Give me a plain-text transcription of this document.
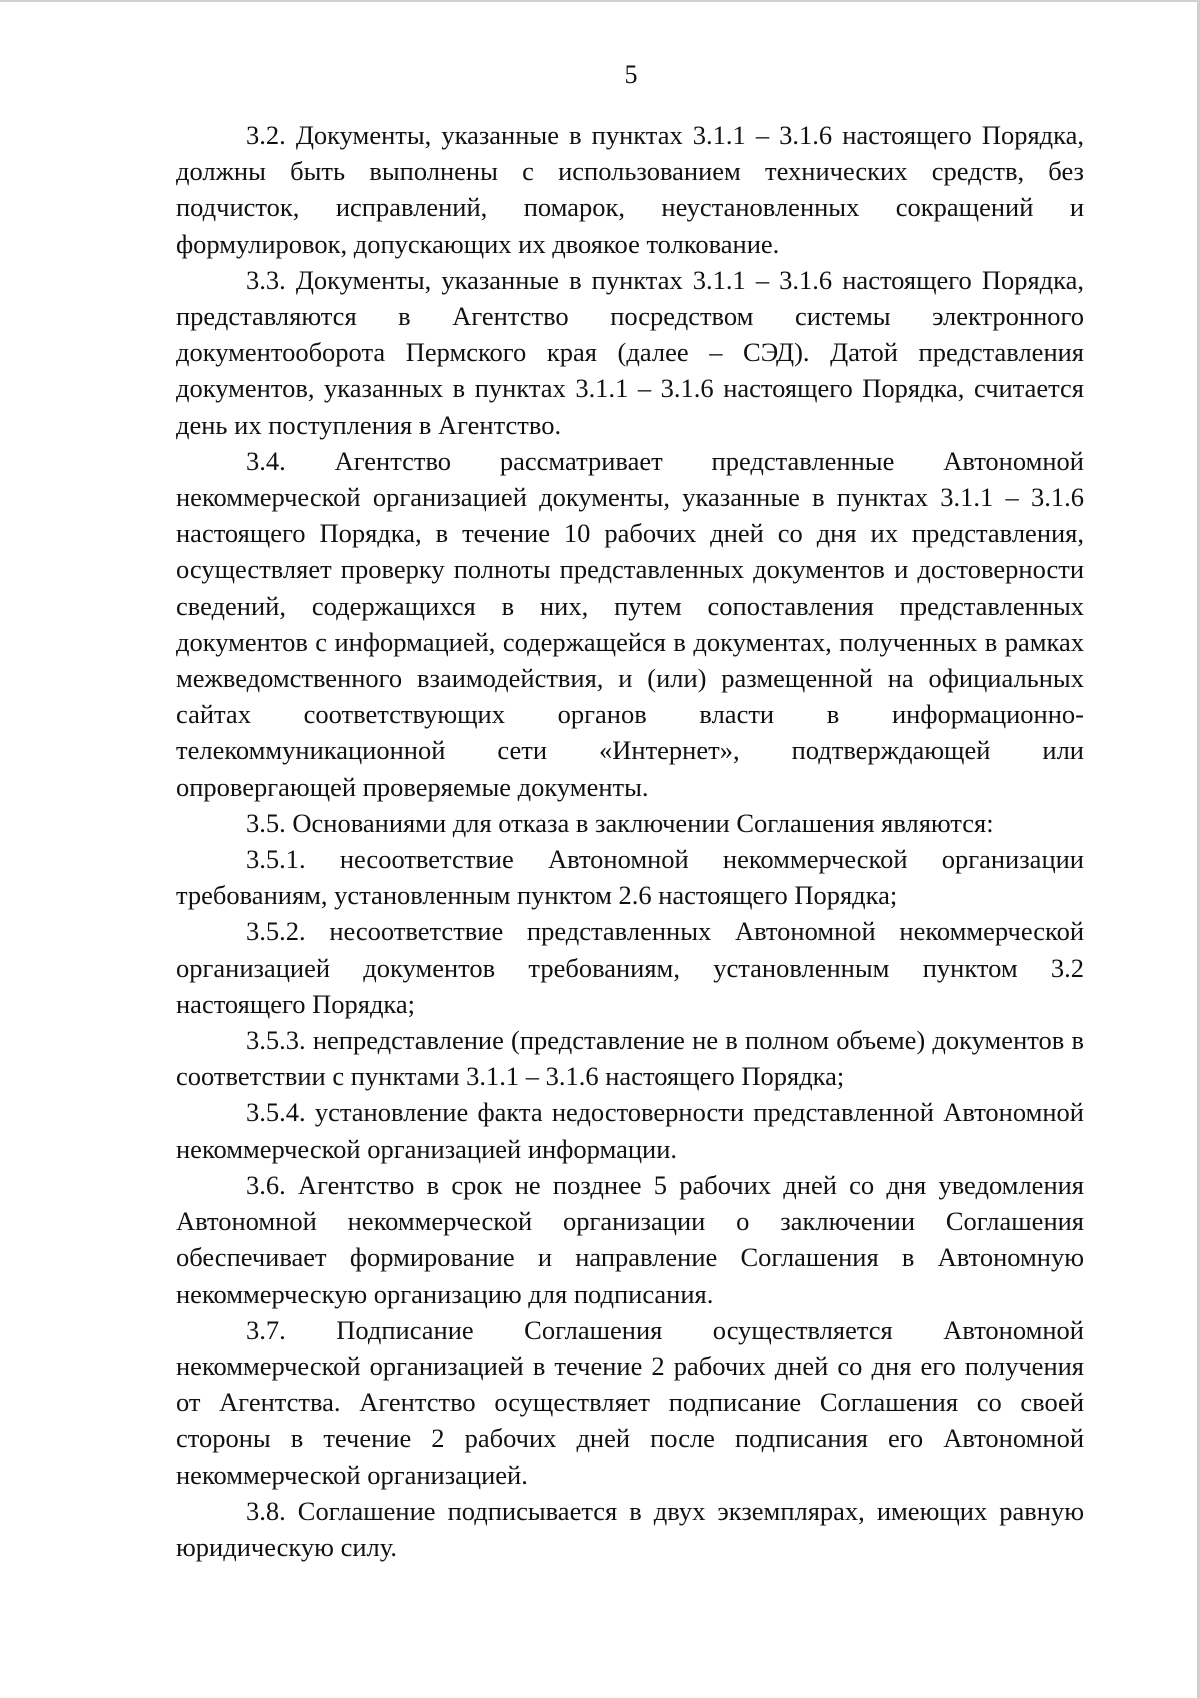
5

3.2. Документы, указанные в пунктах 3.1.1 – 3.1.6 настоящего Порядка, должны быть выполнены с использованием технических средств, без подчисток, исправлений, помарок, неустановленных сокращений и формулировок, допускающих их двоякое толкование.

3.3. Документы, указанные в пунктах 3.1.1 – 3.1.6 настоящего Порядка, представляются в Агентство посредством системы электронного документооборота Пермского края (далее – СЭД). Датой представления документов, указанных в пунктах 3.1.1 – 3.1.6 настоящего Порядка, считается день их поступления в Агентство.

3.4. Агентство рассматривает представленные Автономной некоммерческой организацией документы, указанные в пунктах 3.1.1 – 3.1.6 настоящего Порядка, в течение 10 рабочих дней со дня их представления, осуществляет проверку полноты представленных документов и достоверности сведений, содержащихся в них, путем сопоставления представленных документов с информацией, содержащейся в документах, полученных в рамках межведомственного взаимодействия, и (или) размещенной на официальных сайтах соответствующих органов власти в информационно-телекоммуникационной сети «Интернет», подтверждающей или опровергающей проверяемые документы.

3.5. Основаниями для отказа в заключении Соглашения являются:

3.5.1. несоответствие Автономной некоммерческой организации требованиям, установленным пунктом 2.6 настоящего Порядка;

3.5.2. несоответствие представленных Автономной некоммерческой организацией документов требованиям, установленным пунктом 3.2 настоящего Порядка;

3.5.3. непредставление (представление не в полном объеме) документов в соответствии с пунктами 3.1.1 – 3.1.6 настоящего Порядка;

3.5.4. установление факта недостоверности представленной Автономной некоммерческой организацией информации.

3.6. Агентство в срок не позднее 5 рабочих дней со дня уведомления Автономной некоммерческой организации о заключении Соглашения обеспечивает формирование и направление Соглашения в Автономную некоммерческую организацию для подписания.

3.7. Подписание Соглашения осуществляется Автономной некоммерческой организацией в течение 2 рабочих дней со дня его получения от Агентства. Агентство осуществляет подписание Соглашения со своей стороны в течение 2 рабочих дней после подписания его Автономной некоммерческой организацией.

3.8. Соглашение подписывается в двух экземплярах, имеющих равную юридическую силу.
